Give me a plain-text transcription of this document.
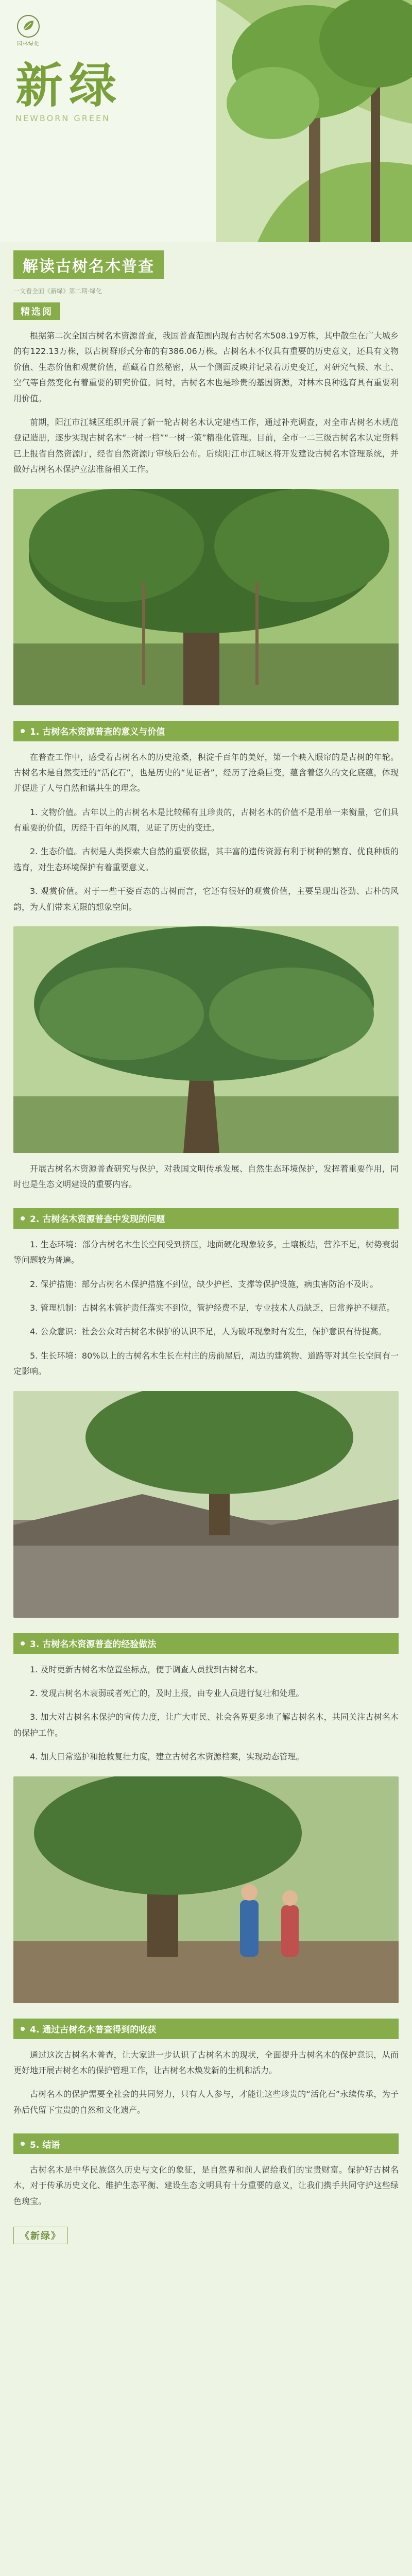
园林绿化
新绿
NEWBORN GREEN
解读古树名木普查
一文看全面《新绿》第二期·绿化
精选阅

根据第二次全国古树名木资源普查，我国普查范围内现有古树名木508.19万株，其中散生在广大城乡的有122.13万株，以古树群形式分布的有386.06万株。古树名木不仅具有重要的历史意义，还具有文物价值、生态价值和观赏价值，蕴藏着自然秘密，从一个侧面反映并记录着历史变迁，对研究气候、水土、空气等自然变化有着重要的研究价值。同时，古树名木也是珍贵的基因资源，对林木良种选育具有重要利用价值。

前期，阳江市江城区组织开展了新一轮古树名木认定建档工作，通过补充调查，对全市古树名木规范登记造册，逐步实现古树名木“一树一档”“一树一策”精准化管理。目前，全市一二三级古树名木认定资料已上报省自然资源厅，经省自然资源厅审核后公布。后续阳江市江城区将开发建设古树名木管理系统，并做好古树名木保护立法准备相关工作。

1. 古树名木资源普查的意义与价值

在普查工作中，感受着古树名木的历史沧桑，积淀千百年的美好，第一个映入眼帘的是古树的年轮。古树名木是自然变迁的“活化石”，也是历史的“见证者”，经历了沧桑巨变，蕴含着悠久的文化底蕴，体现并促进了人与自然和谐共生的理念。

1. 文物价值。古年以上的古树名木是比较稀有且珍贵的，古树名木的价值不是用单一来衡量，它们具有重要的价值，历经千百年的风雨，见证了历史的变迁。

2. 生态价值。古树是人类探索大自然的重要依据，其丰富的遗传资源有利于树种的繁育、优良种质的选育，对生态环境保护有着重要意义。

3. 观赏价值。对于一些干姿百态的古树而言，它还有很好的观赏价值，主要呈现出苍劲、古朴的风韵，为人们带来无限的想象空间。

开展古树名木资源普查研究与保护，对我国文明传承发展、自然生态环境保护，发挥着重要作用，同时也是生态文明建设的重要内容。

2. 古树名木资源普查中发现的问题

1. 生态环境：部分古树名木生长空间受到挤压，地面硬化现象较多，土壤板结，营养不足，树势衰弱等问题较为普遍。

2. 保护措施：部分古树名木保护措施不到位，缺少护栏、支撑等保护设施，病虫害防治不及时。

3. 管理机制：古树名木管护责任落实不到位，管护经费不足，专业技术人员缺乏，日常养护不规范。

4. 公众意识：社会公众对古树名木保护的认识不足，人为破坏现象时有发生，保护意识有待提高。

5. 生长环境：80%以上的古树名木生长在村庄的房前屋后，周边的建筑物、道路等对其生长空间有一定影响。

3. 古树名木资源普查的经验做法

1. 及时更新古树名木位置坐标点，便于调查人员找到古树名木。

2. 发现古树名木衰弱或者死亡的，及时上报，由专业人员进行复壮和处理。

3. 加大对古树名木保护的宣传力度，让广大市民、社会各界更多地了解古树名木，共同关注古树名木的保护工作。

4. 加大日常巡护和抢救复壮力度，建立古树名木资源档案，实现动态管理。

4. 通过古树名木普查得到的收获

通过这次古树名木普查，让大家进一步认识了古树名木的现状，全面提升古树名木的保护意识，从而更好地开展古树名木的保护管理工作，让古树名木焕发新的生机和活力。

古树名木的保护需要全社会的共同努力，只有人人参与，才能让这些珍贵的“活化石”永续传承，为子孙后代留下宝贵的自然和文化遗产。

5. 结语

古树名木是中华民族悠久历史与文化的象征，是自然界和前人留给我们的宝贵财富。保护好古树名木，对于传承历史文化、维护生态平衡、建设生态文明具有十分重要的意义，让我们携手共同守护这些绿色瑰宝。

《新绿》
